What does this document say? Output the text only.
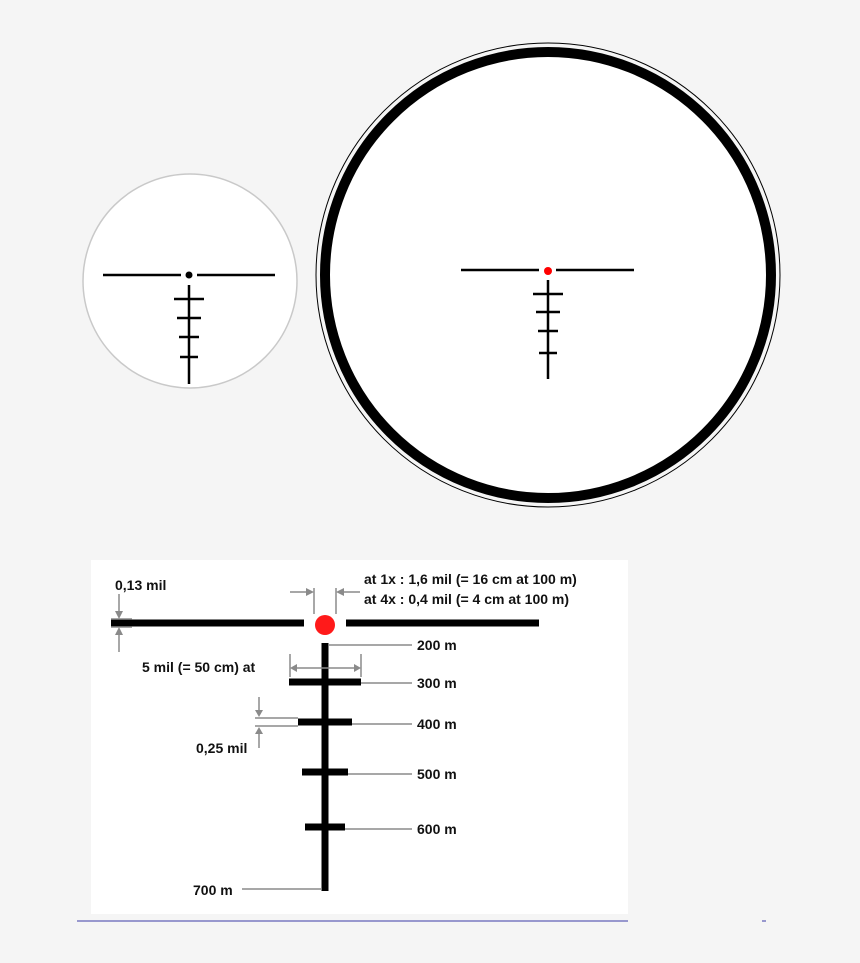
0,13 mil	at 1x : 1,6 mil (= 16 cm at 100 m)
at 4x : 0,4 mil (= 4 cm at 100 m)
5 mil (= 50 cm) at
0,25 mil
200 m
300 m
400 m
500 m
600 m
700 m
